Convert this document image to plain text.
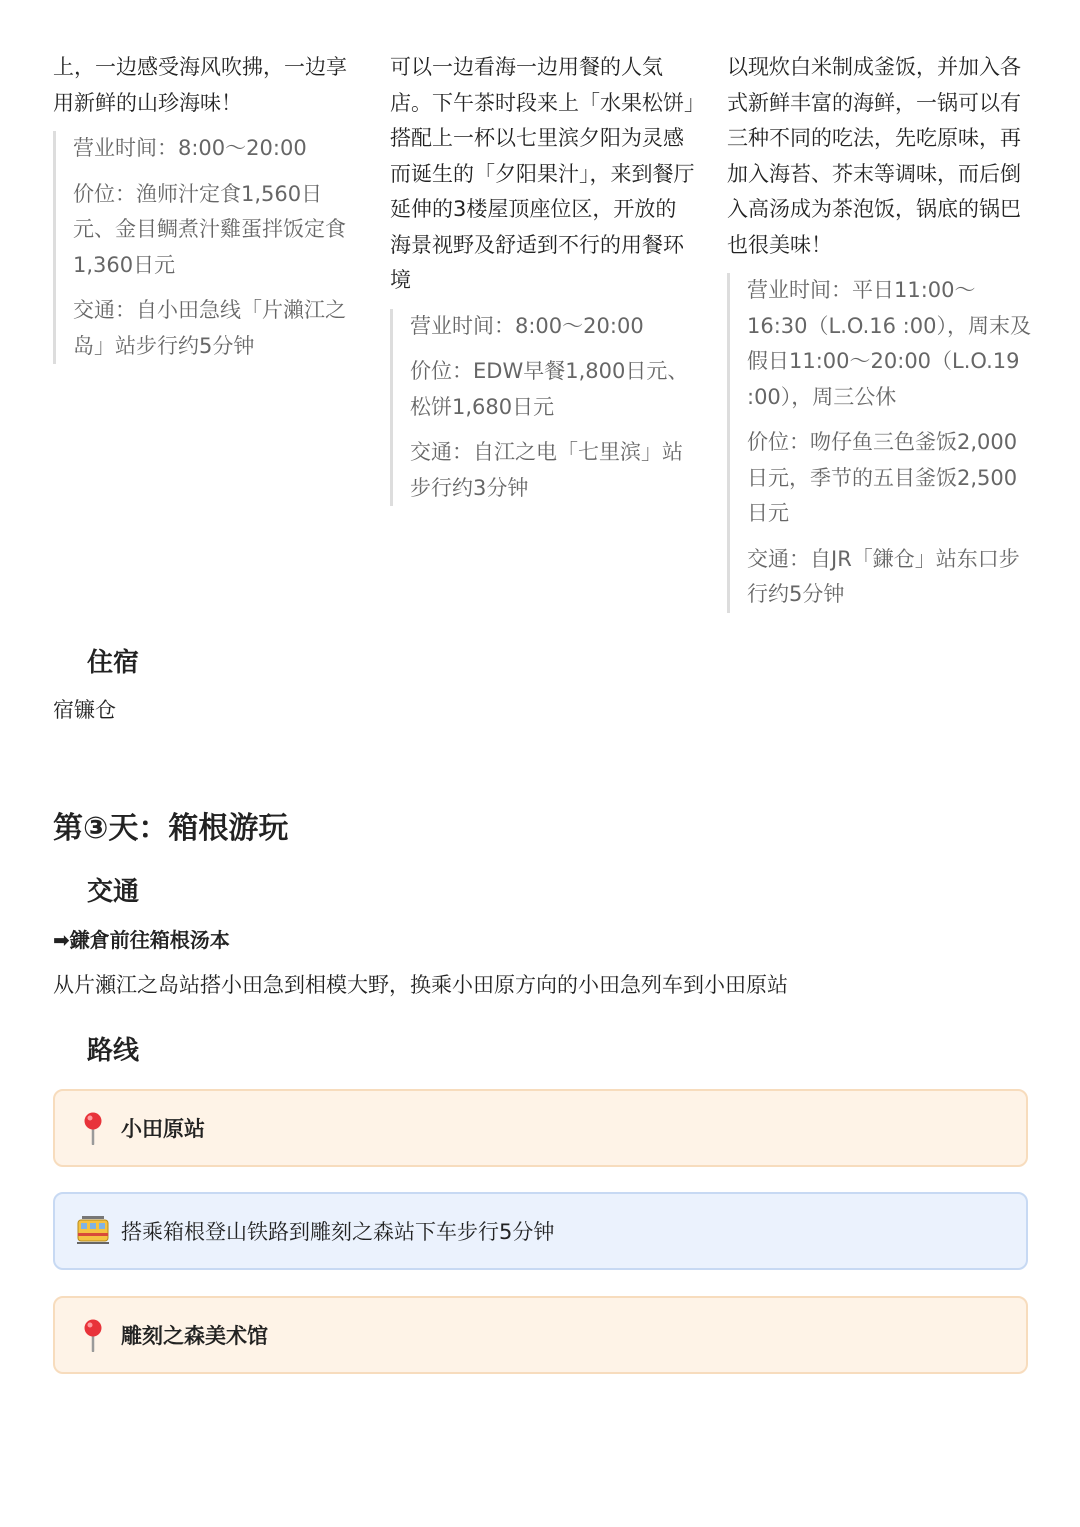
上，一边感受海风吹拂，一边享用新鲜的山珍海味！

营业时间：8:00～20:00

价位：渔师汁定食1,560日元、金目鲷煮汁雞蛋拌饭定食1,360日元

交通：自小田急线「片瀨江之岛」站步行约5分钟

可以一边看海一边用餐的人気店。下午茶时段来上「水果松饼」搭配上一杯以七里滨夕阳为灵感而诞生的「夕阳果汁」，来到餐厅延伸的3楼屋顶座位区，开放的海景视野及舒适到不行的用餐环境

营业时间：8:00～20:00

价位：EDW早餐1,800日元、松饼1,680日元

交通：自江之电「七里滨」站步行约3分钟

以现炊白米制成釜饭，并加入各式新鲜丰富的海鲜，一锅可以有三种不同的吃法，先吃原味，再加入海苔、芥末等调味，而后倒入高汤成为茶泡饭，锅底的锅巴也很美味！

营业时间：平日11:00～16:30（L.O.16 :00），周末及假日11:00～20:00（L.O.19 :00），周三公休

价位：吻仔鱼三色釜饭2,000日元，季节的五目釜饭2,500日元

交通：自JR「鎌仓」站东口步行约5分钟

住宿
宿镰仓
第③天：箱根游玩
交通
➡鎌倉前往箱根汤本
从片瀬江之岛站搭小田急到相模大野，换乘小田原方向的小田急列车到小田原站
路线
小田原站
搭乘箱根登山铁路到雕刻之森站下车步行5分钟
雕刻之森美术馆
